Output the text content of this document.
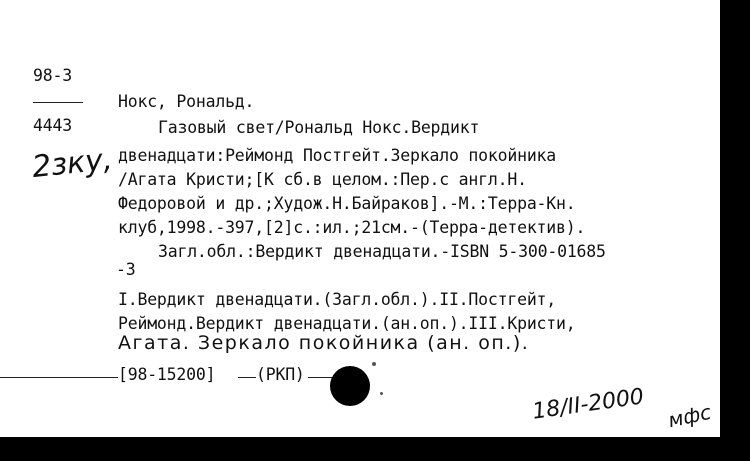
98-3
4443
2зку,
Нокс, Рональд.
Газовый свет/Рональд Нокс.Вердикт
двенадцати:Реймонд Постгейт.Зеркало покойника
/Агата Кристи;[К сб.в целом.:Пер.с англ.Н.
Федоровой и др.;Худож.Н.Байраков].-М.:Терра-Кн.
клуб,1998.-397,[2]с.:ил.;21см.-(Терра-детектив).
Загл.обл.:Вердикт двенадцати.-ISBN 5-300-01685
-3
I.Вердикт двенадцати.(Загл.обл.).II.Постгейт,
Реймонд.Вердикт двенадцати.(ан.оп.).III.Кристи,
Агата. Зеркало покойника (ан. оп.).
[98-15200] (РКП)
18/II-2000 мфс
